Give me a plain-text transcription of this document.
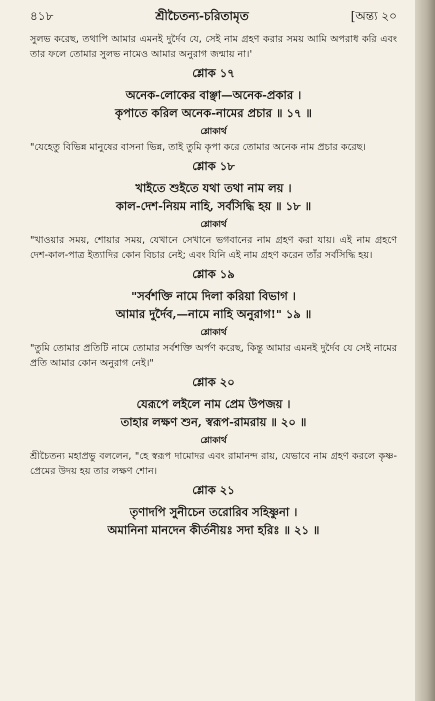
৪১৮	শ্রীচৈতন্য-চরিতামৃত	[অন্ত্য ২০

সুলভ করেছ, তথাপি আমার এমনই দুর্দৈব যে, সেই নাম গ্রহণ করার সময় আমি অপরাধ করি এবং তার ফলে তোমার সুলভ নামেও আমার অনুরাগ জন্মায় না।'

শ্লোক ১৭

অনেক-লোকের বাঞ্ছা—অনেক-প্রকার ।

কৃপাতে করিল অনেক-নামের প্রচার ॥ ১৭ ॥

শ্লোকার্থ

"যেহেতু বিভিন্ন মানুষের বাসনা ভিন্ন, তাই তুমি কৃপা করে তোমার অনেক নাম প্রচার করেছ।

শ্লোক ১৮

খাইতে শুইতে যথা তথা নাম লয় ।

কাল-দেশ-নিয়ম নাহি, সর্বসিদ্ধি হয় ॥ ১৮ ॥

শ্লোকার্থ

"খাওয়ার সময়, শোয়ার সময়, যেখানে সেখানে ভগবানের নাম গ্রহণ করা যায়। এই নাম গ্রহণে দেশ-কাল-পাত্র ইত্যাদির কোন বিচার নেই; এবং যিনি এই নাম গ্রহণ করেন তাঁর সর্বসিদ্ধি হয়।

শ্লোক ১৯

"সর্বশক্তি নামে দিলা করিয়া বিভাগ ।

আমার দুর্দৈব,—নামে নাহি অনুরাগ!" ১৯ ॥

শ্লোকার্থ

"তুমি তোমার প্রতিটি নামে তোমার সর্বশক্তি অর্পণ করেছ, কিন্তু আমার এমনই দুর্দৈব যে সেই নামের প্রতি আমার কোন অনুরাগ নেই।"

শ্লোক ২০

যেরূপে লইলে নাম প্রেম উপজয় ।

তাহার লক্ষণ শুন, স্বরূপ-রামরায় ॥ ২০ ॥

শ্লোকার্থ

শ্রীচৈতন্য মহাপ্রভু বললেন, "হে স্বরূপ দামোদর এবং রামানন্দ রায়, যেভাবে নাম গ্রহণ করলে কৃষ্ণ-প্রেমের উদয় হয় তার লক্ষণ শোন।

শ্লোক ২১

তৃণাদপি সুনীচেন তরোরিব সহিষ্ণুনা ।

অমানিনা মানদেন কীর্তনীয়ঃ সদা হরিঃ ॥ ২১ ॥
